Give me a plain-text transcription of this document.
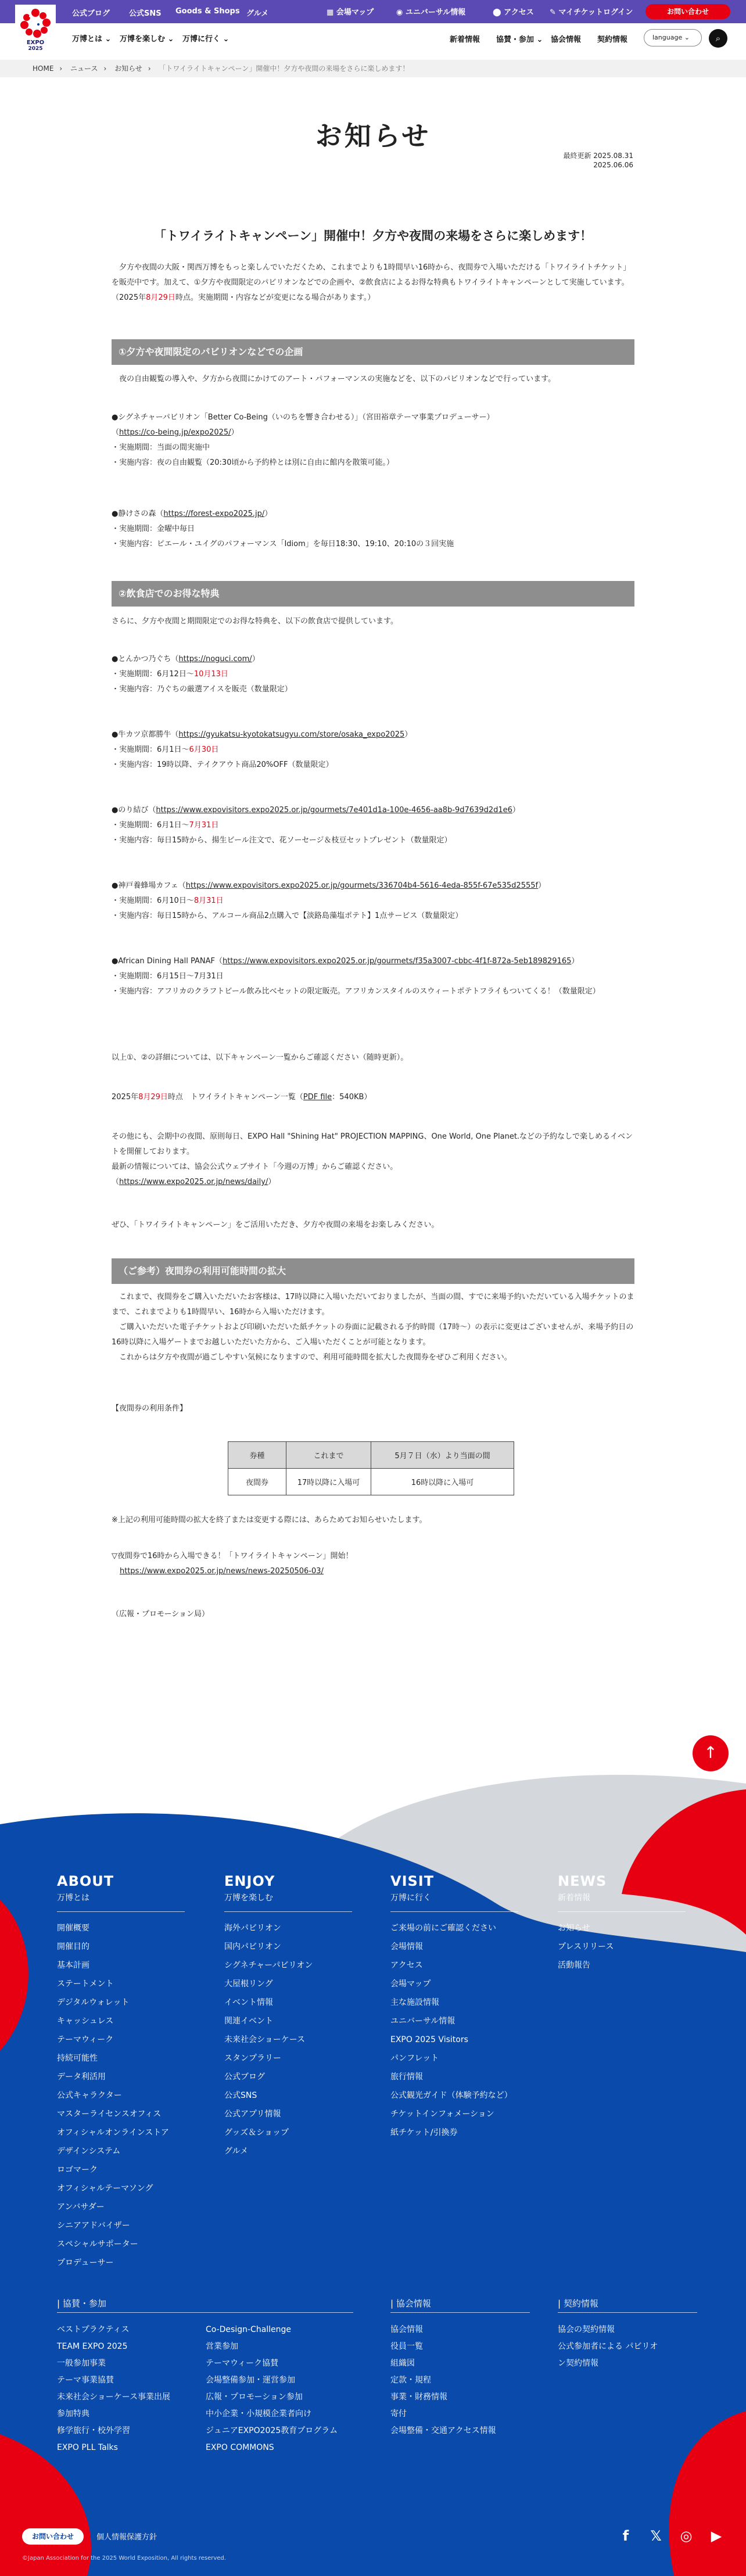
公式ブログ	公式SNS Goods & Shops グルメ	▦ 会場マップ	◉ ユニバーサル情報	⬤ アクセス ✎ マイチケットログイン	お問い合わせ
EXPO
2025
万博とは ⌄ 万博を楽しむ ⌄ 万博に行く ⌄	新着情報 協賛・参加 ⌄ 協会情報 契約情報	language ⌄	⌕
HOME › ニュース › お知らせ › 「トワイライトキャンペーン」開催中！夕方や夜間の来場をさらに楽しめます！
お知らせ
最終更新 2025.08.31
2025.06.06
「トワイライトキャンペーン」開催中！夕方や夜間の来場をさらに楽しめます！

夕方や夜間の大阪・関西万博をもっと楽しんでいただくため、これまでよりも1時間早い16時から、夜間券で入場いただける「トワイライトチケット」を販売中です。加えて、①夕方や夜間限定のパビリオンなどでの企画や、②飲食店によるお得な特典もトワイライトキャンペーンとして実施しています。（2025年8月29日時点。実施期間・内容などが変更になる場合があります。）

①夕方や夜間限定のパビリオンなどでの企画

夜の自由観覧の導入や、夕方から夜間にかけてのアート・パフォーマンスの実施などを、以下のパビリオンなどで行っています。

●シグネチャーパビリオン「Better Co-Being（いのちを響き合わせる）」（宮田裕章テーマ事業プロデューサー）
（https://co-being.jp/expo2025/）
・実施期間：当面の間実施中
・実施内容：夜の自由観覧（20:30頃から予約枠とは別に自由に館内を散策可能。）
●静けさの森（https://forest-expo2025.jp/）
・実施期間：金曜中毎日
・実施内容：ピエール・ユイグのパフォーマンス「Idiom」を毎日18:30、19:10、20:10の３回実施
②飲食店でのお得な特典

さらに、夕方や夜間と期間限定でのお得な特典を、以下の飲食店で提供しています。

●とんかつ乃ぐち（https://noguci.com/）
・実施期間：6月12日〜10月13日
・実施内容：乃ぐちの厳選アイスを販売（数量限定）
●牛カツ京都勝牛（https://gyukatsu-kyotokatsugyu.com/store/osaka_expo2025）
・実施期間：6月1日〜6月30日
・実施内容：19時以降、テイクアウト商品20%OFF（数量限定）
●のり結び（https://www.expovisitors.expo2025.or.jp/gourmets/7e401d1a-100e-4656-aa8b-9d7639d2d1e6）
・実施期間：6月1日〜7月31日
・実施内容：毎日15時から、揚生ビール注文で、花ソーセージ＆枝豆セットプレゼント（数量限定）
●神戸養蜂場カフェ（https://www.expovisitors.expo2025.or.jp/gourmets/336704b4-5616-4eda-855f-67e535d2555f）
・実施期間：6月10日〜8月31日
・実施内容：毎日15時から、アルコール商品2点購入で【淡路島藻塩ポテト】1点サービス（数量限定）
●African Dining Hall PANAF（https://www.expovisitors.expo2025.or.jp/gourmets/f35a3007-cbbc-4f1f-872a-5eb189829165）
・実施期間：6月15日〜7月31日
・実施内容：アフリカのクラフトビール飲み比べセットの限定販売。アフリカンスタイルのスウィートポテトフライもついてくる！（数量限定）

以上①、②の詳細については、以下キャンペーン一覧からご確認ください（随時更新）。

2025年8月29日時点　トワイライトキャンペーン一覧（PDF file：540KB）

その他にも、会期中の夜間、原則毎日、EXPO Hall "Shining Hat" PROJECTION MAPPING、One World, One Planet.などの予約なしで楽しめるイベントを開催しております。
最新の情報については、協会公式ウェブサイト「今週の万博」からご確認ください。
（https://www.expo2025.or.jp/news/daily/）

ぜひ、「トワイライトキャンペーン」をご活用いただき、夕方や夜間の来場をお楽しみください。

（ご参考）夜間券の利用可能時間の拡大
これまで、夜間券をご購入いただいたお客様は、17時以降に入場いただいておりましたが、当面の間、すでに来場予約いただいている入場チケットのままで、これまでよりも1時間早い、16時から入場いただけます。
ご購入いただいた電子チケットおよび印刷いただいた紙チケットの券面に記載される予約時間（17時〜）の表示に変更はございませんが、来場予約日の16時以降に入場ゲートまでお越しいただいた方から、ご入場いただくことが可能となります。
これからは夕方や夜間が過ごしやすい気候になりますので、利用可能時間を拡大した夜間券をぜひご利用ください。

【夜間券の利用条件】

券種	これまで	5月７日（水）より当面の間
夜間券	17時以降に入場可	16時以降に入場可

※上記の利用可能時間の拡大を終了または変更する際には、あらためてお知らせいたします。

▽夜間券で16時から入場できる！「トワイライトキャンペーン」開始！
https://www.expo2025.or.jp/news/news-20250506-03/

（広報・プロモーション局）

ABOUT
万博とは
開催概要
開催目的
基本計画
ステートメント
デジタルウォレット
キャッシュレス
テーマウィーク
持続可能性
データ利活用
公式キャラクター
マスターライセンスオフィス
オフィシャルオンラインストア
デザインシステム
ロゴマーク
オフィシャルテーマソング
アンバサダー
シニアアドバイザー
スペシャルサポーター
プロデューサー
ENJOY
万博を楽しむ
海外パビリオン
国内パビリオン
シグネチャーパビリオン
大屋根リング
イベント情報
関連イベント
未来社会ショーケース
スタンプラリー
公式ブログ
公式SNS
公式アプリ情報
グッズ＆ショップ
グルメ
VISIT
万博に行く
ご来場の前にご確認ください
会場情報
アクセス
会場マップ
主な施設情報
ユニバーサル情報
EXPO 2025 Visitors
パンフレット
旅行情報
公式観光ガイド（体験予約など）
チケットインフォメーション
紙チケット/引換券
NEWS
新着情報
お知らせ
プレスリリース
活動報告
| 協賛・参加
ベストプラクティス
TEAM EXPO 2025
一般参加事業
テーマ事業協賛
未来社会ショーケース事業出展
参加特典
修学旅行・校外学習
EXPO PLL Talks
Co-Design-Challenge
営業参加
テーマウィーク協賛
会場整備参加・運営参加
広報・プロモーション参加
中小企業・小規模企業者向け
ジュニアEXPO2025教育プログラム
EXPO COMMONS
| 協会情報
協会情報
役員一覧
組織図
定款・規程
事業・財務情報
寄付
会場整備・交通アクセス情報
| 契約情報
協会の契約情報
公式参加者による パビリオン契約情報
お問い合わせ	個人情報保護方針
©Japan Association for the 2025 World Exposition, All rights reserved.
f	𝕏	◎	▶
↑
